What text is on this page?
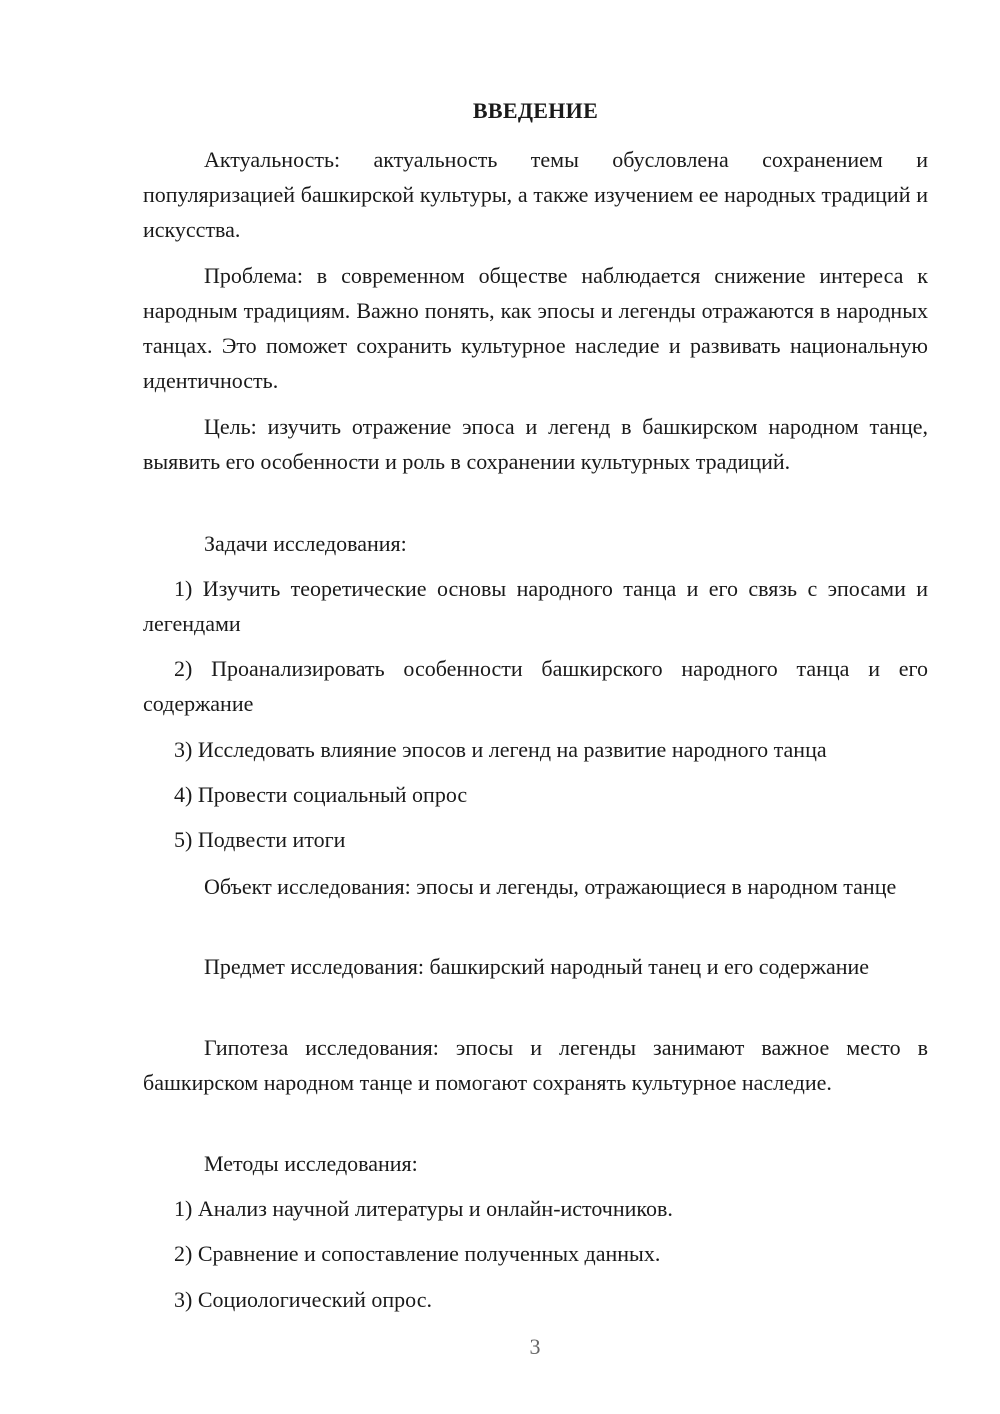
ВВЕДЕНИЕ

Актуальность: актуальность темы обусловлена сохранением и популяризацией башкирской культуры, а также изучением ее народных традиций и искусства.

Проблема: в современном обществе наблюдается снижение интереса к народным традициям. Важно понять, как эпосы и легенды отражаются в народных танцах. Это поможет сохранить культурное наследие и развивать национальную идентичность.

Цель: изучить отражение эпоса и легенд в башкирском народном танце, выявить его особенности и роль в сохранении культурных традиций.

Задачи исследования:

1) Изучить теоретические основы народного танца и его связь с эпосами и легендами

2) Проанализировать особенности башкирского народного танца и его содержание

3) Исследовать влияние эпосов и легенд на развитие народного танца

4) Провести социальный опрос

5) Подвести итоги

Объект исследования: эпосы и легенды, отражающиеся в народном танце

Предмет исследования: башкирский народный танец и его содержание

Гипотеза исследования: эпосы и легенды занимают важное место в башкирском народном танце и помогают сохранять культурное наследие.

Методы исследования:

1) Анализ научной литературы и онлайн-источников.

2) Сравнение и сопоставление полученных данных.

3) Социологический опрос.

3
